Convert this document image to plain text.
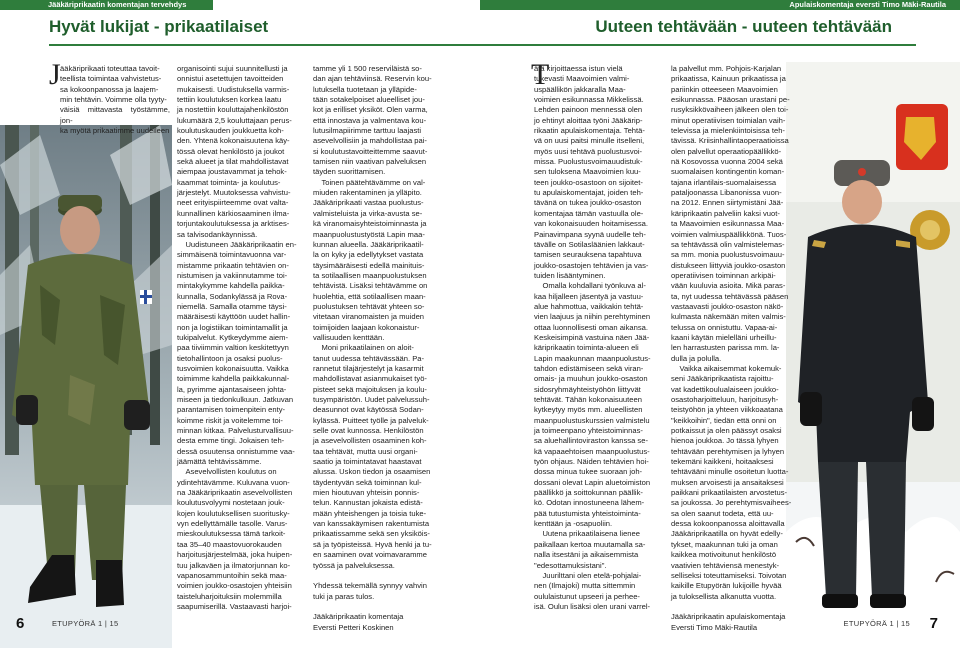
Jääkäriprikaatin komentajan tervehdys
Hyvät lukijat - prikaatilaiset
J ääkäriprikaati toteuttaa tavoit-
teellista toimintaa vahvistetus-
sa kokoonpanossa ja laajem-
min tehtävin. Voimme olla tyyty-
väisiä mittavasta työstämme, jon-
ka myötä prikaatimme uudelleen
organisointi sujui suunnitellusti ja
onnistui asetettujen tavoitteiden
mukaisesti. Uudistuksella varmis-
tettiin koulutuksen korkea laatu
ja nostettiin kouluttajahenkilöstön
lukumäärä 2,5 kouluttajaan perus-
koulutuskauden joukkuetta koh-
den. Yhtenä kokonaisuutena käy-
tössä olevat henkilöstö ja joukot
sekä alueet ja tilat mahdollistavat
aiempaa joustavammat ja tehok-
kaammat toiminta- ja koulutus-
järjestelyt. Muutoksessa vahvistu-
neet erityispiirteemme ovat valta-
kunnallinen kärkiosaaminen ilma-
torjuntakoulutuksessa ja arktises-
sa talvisodankäynnissä.
Uudistuneen Jääkäriprikaatin en-
simmäisenä toimintavuonna var-
mistamme prikaatin tehtävien on-
nistumisen ja vakiinnutamme toi-
mintakykymme kahdella paikka-
kunnalla, Sodankylässä ja Rova-
niemellä. Samalla otamme täysi-
määräisesti käyttöön uudet hallin-
non ja logistiikan toimintamallit ja
tukipalvelut. Kytkeydymme aiem-
paa tiiviimmin valtion keskitettyyn
tietohallintoon ja osaksi puolus-
tusvoimien kokonaisuutta. Vaikka
toimimme kahdella paikkakunnal-
la, pyrimme ajantasaiseen johta-
miseen ja tiedonkulkuun. Jatkuvan
parantamisen toimenpitein enty-
koimme riskit ja voitelemme toi-
minnan kitkaa. Palvelusturvallisuu-
desta emme tingi. Jokaisen teh-
dessä osuutensa onnistumme vaa-
jäämättä tehtävissämme.
Asevelvollisten koulutus on
ydintehtävämme. Kuluvana vuon-
na Jääkäriprikaatin asevelvollisten
koulutusvolyymi nostetaan jouk-
kojen koulutuksellisen suoritusky-
vyn edellyttämälle tasolle. Varus-
mieskoulutuksessa tämä tarkoit-
taa 35–40 maastovuorokauden
harjoitusjärjestelmää, joka huipen-
tuu jalkaväen ja ilmatorjunnan ko-
vapanosammuntoihin sekä maa-
voimien joukko-osastojen yhteisiin
taisteluharjoituksiin molemmilla
saapumiserillä. Vastaavasti harjoi-
tamme yli 1 500 reserviläistä so-
dan ajan tehtäviinsä. Reservin kou-
lutuksella tuotetaan ja ylläpide-
tään sotakelpoiset alueelliset jou-
kot ja erilliset yksiköt. Olen varma,
että innostava ja valmentava kou-
lutusilmapiirimme tarttuu laajasti
asevelvollisiin ja mahdollistaa pai-
si koulutustavoitteittemme saavut-
tamisen niin vaativan palveluksen
täyden suorittamisen.
Toinen päätehtävämme on val-
miuden rakentaminen ja ylläpito.
Jääkäriprikaati vastaa puolustus-
valmisteluista ja virka-avusta se-
kä viranomaisyhteistoiminnasta ja
maanpuolustustyöstä Lapin maa-
kunnan alueella. Jääkäriprikaatil-
la on kyky ja edellytykset vastata
täysimääräisesti edellä mainituis-
ta sotilaallisen maanpuolustuksen
tehtävistä. Lisäksi tehtävämme on
huolehtia, että sotilaallisen maan-
puolustuksen tehtävät yhteen so-
vitetaan viranomaisten ja muiden
toimijoiden laajaan kokonaistur-
vallisuuden kenttään.
Moni prikaatilainen on aloit-
tanut uudessa tehtävässään. Pa-
rannetut tilajärjestelyt ja kasarmit
mahdollistavat asianmukaiset työ-
pisteet sekä majoituksen ja koulu-
tusympäristön. Uudet palvelussuh-
deasunnot ovat käytössä Sodan-
kylässä. Puitteet työlle ja palveluk-
selle ovat kunnossa. Henkilöstön
ja asevelvollisten osaaminen koh-
taa tehtävät, mutta uusi organi-
saatio ja toimintatavat haastavat
alussa. Uskon tiedon ja osaamisen
täydentyvän sekä toiminnan kul-
mien hioutuvan yhteisin ponnis-
telun. Kannustan jokaista edistä-
mään yhteishengen ja toisia tuke-
van kanssakäymisen rakentumista
prikaatissamme sekä sen yksiköis-
sä ja työpisteissä. Hyvä henki ja tu-
en saaminen ovat voimavaramme
työssä ja palveluksessa.

Yhdessä tekemällä synnyy vahvin
tuki ja paras tulos.

Jääkäriprikaatin komentaja
Eversti Petteri Koskinen
6	ETUPYÖRÄ 1 | 15
Apulaiskomentaja eversti Timo Mäki-Rautila
Uuteen tehtävään - uuteen tehtävään
T
ätä kirjoittaessa istun vielä
tukevasti Maavoimien valmi-
uspäällikön jakkaralla Maa-
voimien esikunnassa Mikkelissä.
Lehden painoon mennessä olen
jo ehtinyt aloittaa työni Jääkärip-
rikaatin apulaiskomentaja. Tehtä-
vä on uusi paitsi minulle itselleni,
myös uusi tehtävä puolustusvoi-
missa. Puolustusvoimauudistuk-
sen tuloksena Maavoimien kuu-
teen joukko-osastoon on sijoitet-
tu apulaiskomentajat, joiden teh-
tävänä on tukea joukko-osaston
komentajaa tämän vastuulla ole-
van kokonaisuuden hoitamisessa.
Painavimpana syynä uudelle teh-
tävälle on Sotilasläänien lakkaut-
tamisen seurauksena tapahtuva
joukko-osastojen tehtävien ja vas-
tuiden lisääntyminen.
Omalla kohdallani työnkuva al-
kaa hiljalleen jäsentyä ja vastuu-
alue hahmottua, vaikkakin tehtä-
vien laajuus ja niihin perehtyminen
ottaa luonnollisesti oman aikansa.
Keskeisimpinä vastuina näen Jää-
käriprikaatin toiminta-alueen eli
Lapin maakunnan maanpuolustus-
tahdon edistämiseen sekä viran-
omais- ja muuhun joukko-osaston
sidosryhmäyhteistyöhön liittyvät
tehtävät. Tähän kokonaisuuteen
kytkeytyy myös mm. alueellisten
maanpuolustuskurssien valmistelu
ja toimeenpano yhteistoiminnas-
sa aluehallintoviraston kanssa se-
kä vapaaehtoisen maanpuolustus-
työn ohjaus. Näiden tehtävien hoi-
dossa minua tukee suoraan joh-
dossani olevat Lapin aluetoimiston
päällikkö ja soittokunnan päällik-
kö. Odotan innostuneena lähem-
pää tutustumista yhteistoiminta-
kenttään ja -osapuoliin.
Uutena prikaatilaisena lienee
paikallaan kertoa muutamalla sa-
nalla itsestäni ja aikaisemmista
"edesottamuksistani".
Juurilttani olen etelä-pohjalai-
nen (Ilmajoki) mutta sittemmin
oululaistunut upseeri ja perhee-
isä. Oulun lisäksi olen urani varrel-
la palvellut mm. Pohjois-Karjalan
prikaatissa, Kainuun prikaatissa ja
pariinkin otteeseen Maavoimien
esikunnassa. Pääosan urastani pe-
rusyksikkövaiheen jälkeen olen toi-
minut operatiivisen toimialan vaih-
televissa ja mielenkiintoisissa teh-
tävissä. Kriisinhallintaoperaatioissa
olen palvellut operaatiopäällikkö-
nä Kosovossa vuonna 2004 sekä
suomalaisen kontingentin koman-
tajana irlantilais-suomalaisessa
pataljoonassa Libanonissa vuon-
na 2012. Ennen siirtymistäni Jää-
käriprikaatin palveliin kaksi vuot-
ta Maavoimien esikunnassa Maa-
voimien valmiuspäällikkönä. Tuos-
sa tehtävässä olin valmistelemas-
sa mm. monia puolustusvoimauu-
distukseen liittyviä joukko-osaston
operatiivisen toiminnan arkipäi-
vään kuuluvia asioita. Mikä paras-
ta, nyt uudessa tehtävässä pääsen
vastaavasti joukko-osaston näkö-
kulmasta näkemään miten valmis-
telussa on onnistuttu. Vapaa-ai-
kaani käytän mielelläni urheillu-
len harrastusten parissa mm. la-
dulla ja polulla.
Vaikka aikaisemmat kokemuk-
seni Jääkäriprikaatista rajoittu-
vat kadettikoulualaiseen joukko-
osastoharjoitteluun, harjoitusyh-
teistyöhön ja yhteen viikkoaatana
"keikkoihin", tiedän että onni on
potkaissut ja olen päässyt osaksi
hienoa joukkoa. Jo tässä lyhyen
tehtävään perehtymisen ja lyhyen
tekemäni kaikkeni, hoitaaksesi
tehtävääni minulle osoitetun luotta-
muksen arvoisesti ja ansaitaksesi
paikkani prikaatilaisten arvostetus-
sa joukossa. Jo perehtymisvaihees-
sa olen saanut todeta, että uu-
dessa kokoonpanossa aloittavalla
Jääkäriprikaatilla on hyvät edelly-
tykset, maakunnan tuki ja oman
kaikkea motivoitunut henkilöstö
vaativien tehtäviensä menestyk-
selliseksi toteuttamiseksi. Toivotan
kaikille Etupyörän lukijoille hyvää
ja tuloksellista alkanutta vuotta.

Jääkäriprikaatin apulaiskomentaja
Eversti Timo Mäki-Rautila	ETUPYÖRÄ 1 | 15 7
